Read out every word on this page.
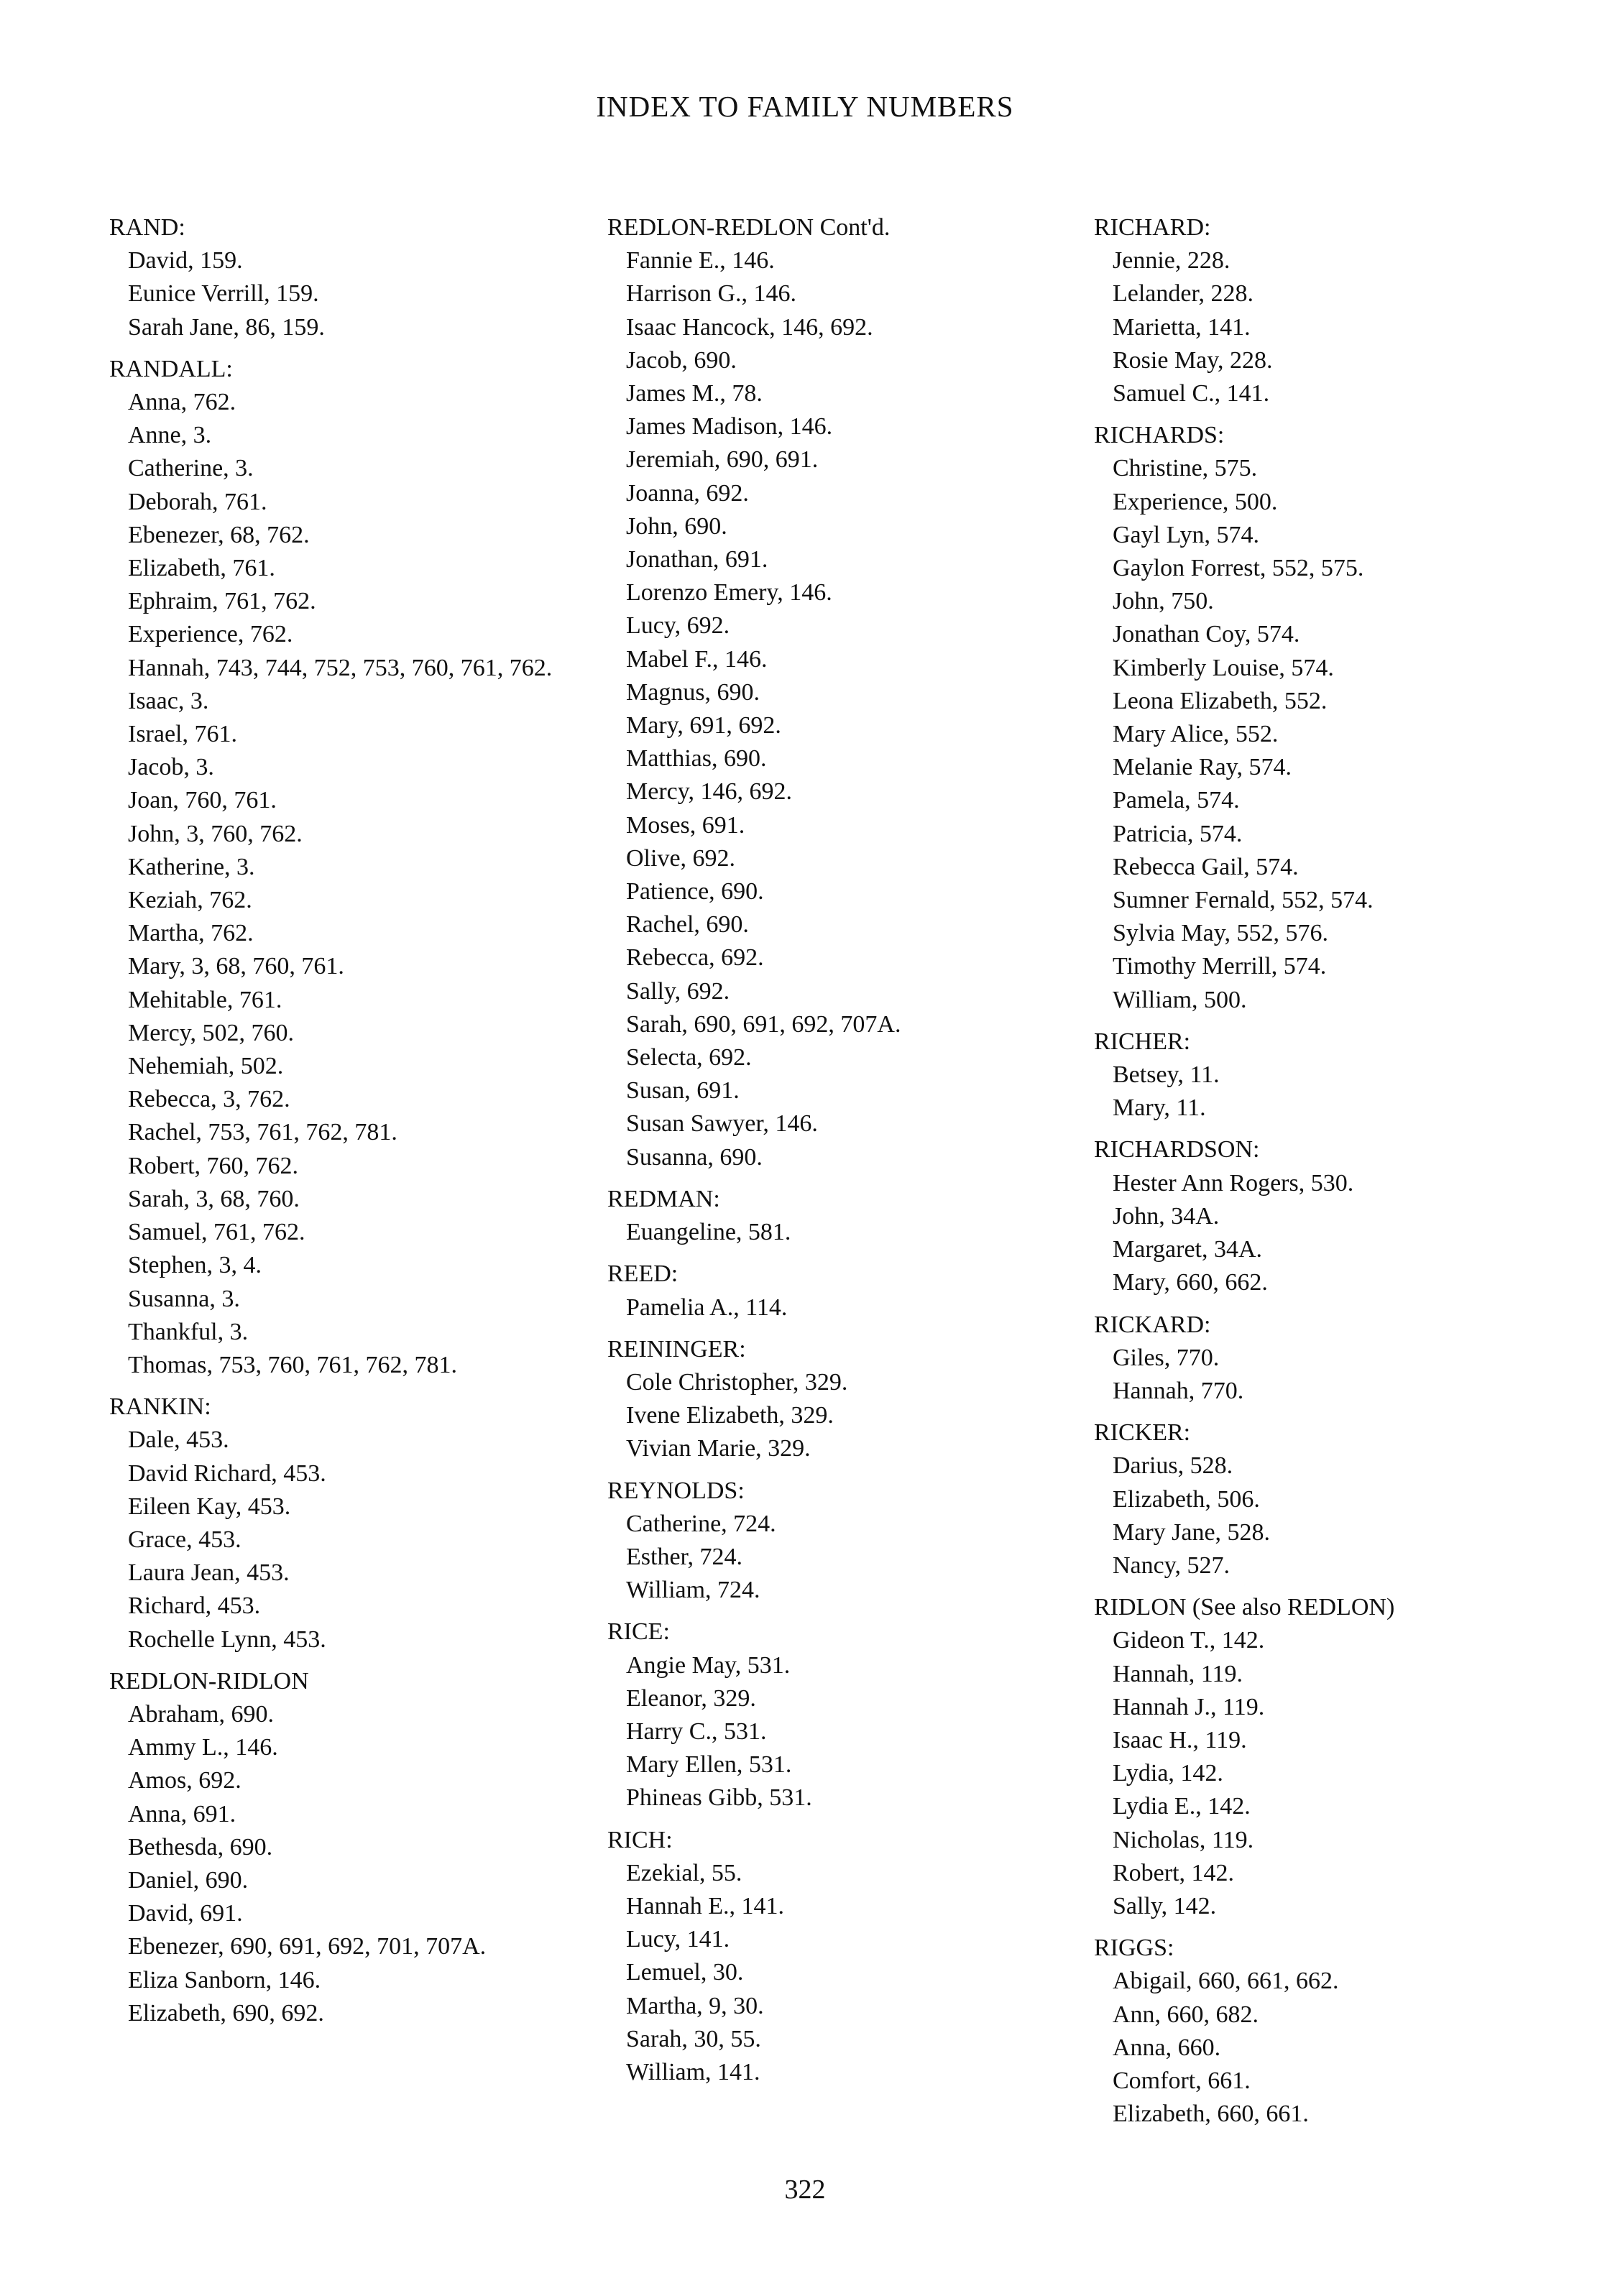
INDEX TO FAMILY NUMBERS
RAND:
David, 159.
Eunice Verrill, 159.
Sarah Jane, 86, 159.
RANDALL:
Anna, 762.
Anne, 3.
Catherine, 3.
Deborah, 761.
Ebenezer, 68, 762.
Elizabeth, 761.
Ephraim, 761, 762.
Experience, 762.
Hannah, 743, 744, 752, 753, 760, 761, 762.
Isaac, 3.
Israel, 761.
Jacob, 3.
Joan, 760, 761.
John, 3, 760, 762.
Katherine, 3.
Keziah, 762.
Martha, 762.
Mary, 3, 68, 760, 761.
Mehitable, 761.
Mercy, 502, 760.
Nehemiah, 502.
Rebecca, 3, 762.
Rachel, 753, 761, 762, 781.
Robert, 760, 762.
Sarah, 3, 68, 760.
Samuel, 761, 762.
Stephen, 3, 4.
Susanna, 3.
Thankful, 3.
Thomas, 753, 760, 761, 762, 781.
RANKIN:
Dale, 453.
David Richard, 453.
Eileen Kay, 453.
Grace, 453.
Laura Jean, 453.
Richard, 453.
Rochelle Lynn, 453.
REDLON-RIDLON
Abraham, 690.
Ammy L., 146.
Amos, 692.
Anna, 691.
Bethesda, 690.
Daniel, 690.
David, 691.
Ebenezer, 690, 691, 692, 701, 707A.
Eliza Sanborn, 146.
Elizabeth, 690, 692.
REDLON-REDLON Cont'd.
Fannie E., 146.
Harrison G., 146.
Isaac Hancock, 146, 692.
Jacob, 690.
James M., 78.
James Madison, 146.
Jeremiah, 690, 691.
Joanna, 692.
John, 690.
Jonathan, 691.
Lorenzo Emery, 146.
Lucy, 692.
Mabel F., 146.
Magnus, 690.
Mary, 691, 692.
Matthias, 690.
Mercy, 146, 692.
Moses, 691.
Olive, 692.
Patience, 690.
Rachel, 690.
Rebecca, 692.
Sally, 692.
Sarah, 690, 691, 692, 707A.
Selecta, 692.
Susan, 691.
Susan Sawyer, 146.
Susanna, 690.
REDMAN:
Euangeline, 581.
REED:
Pamelia A., 114.
REININGER:
Cole Christopher, 329.
Ivene Elizabeth, 329.
Vivian Marie, 329.
REYNOLDS:
Catherine, 724.
Esther, 724.
William, 724.
RICE:
Angie May, 531.
Eleanor, 329.
Harry C., 531.
Mary Ellen, 531.
Phineas Gibb, 531.
RICH:
Ezekial, 55.
Hannah E., 141.
Lucy, 141.
Lemuel, 30.
Martha, 9, 30.
Sarah, 30, 55.
William, 141.
RICHARD:
Jennie, 228.
Lelander, 228.
Marietta, 141.
Rosie May, 228.
Samuel C., 141.
RICHARDS:
Christine, 575.
Experience, 500.
Gayl Lyn, 574.
Gaylon Forrest, 552, 575.
John, 750.
Jonathan Coy, 574.
Kimberly Louise, 574.
Leona Elizabeth, 552.
Mary Alice, 552.
Melanie Ray, 574.
Pamela, 574.
Patricia, 574.
Rebecca Gail, 574.
Sumner Fernald, 552, 574.
Sylvia May, 552, 576.
Timothy Merrill, 574.
William, 500.
RICHER:
Betsey, 11.
Mary, 11.
RICHARDSON:
Hester Ann Rogers, 530.
John, 34A.
Margaret, 34A.
Mary, 660, 662.
RICKARD:
Giles, 770.
Hannah, 770.
RICKER:
Darius, 528.
Elizabeth, 506.
Mary Jane, 528.
Nancy, 527.
RIDLON (See also REDLON)
Gideon T., 142.
Hannah, 119.
Hannah J., 119.
Isaac H., 119.
Lydia, 142.
Lydia E., 142.
Nicholas, 119.
Robert, 142.
Sally, 142.
RIGGS:
Abigail, 660, 661, 662.
Ann, 660, 682.
Anna, 660.
Comfort, 661.
Elizabeth, 660, 661.
322
